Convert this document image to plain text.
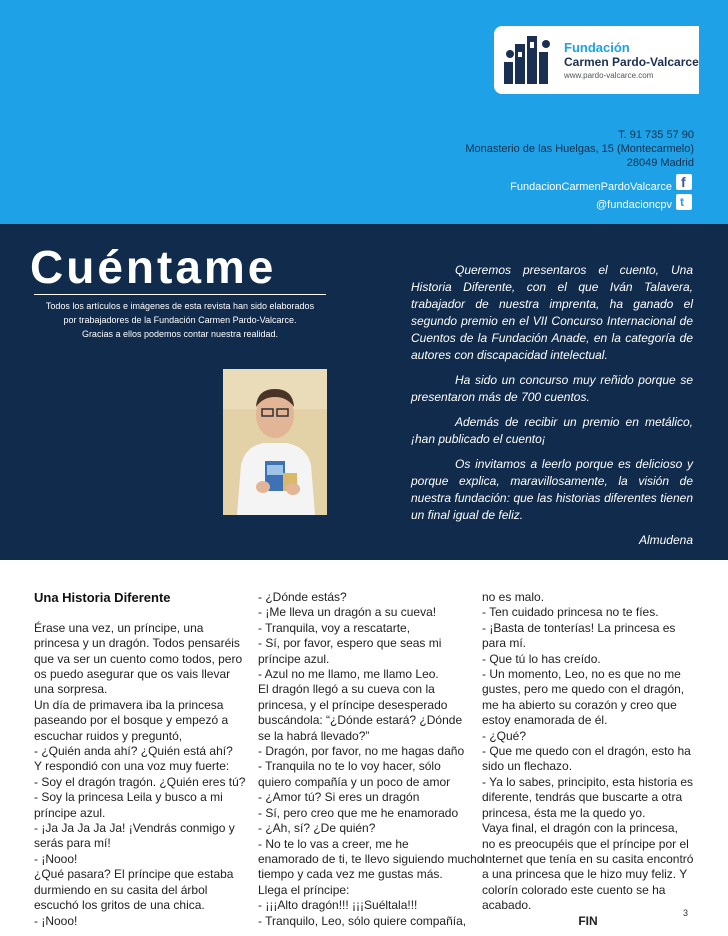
Fundación
Carmen Pardo-Valcarce
www.pardo-valcarce.com
T. 91 735 57 90
Monasterio de las Huelgas, 15 (Montecarmelo)
28049 Madrid
FundacionCarmenPardoValcarce
@fundacioncpv
f
t
Cuéntame
Todos los artículos e imágenes de esta revista han sido elaborados
por trabajadores de la Fundación Carmen Pardo-Valcarce.
Gracias a ellos podemos contar nuestra realidad.

Queremos presentaros el cuento, Una Historia Diferente, con el que Iván Talavera, trabajador de nuestra imprenta, ha ganado el segundo premio en el VII Concurso Internacional de Cuentos de la Fundación Anade, en la categoría de autores con discapacidad intelectual.

Ha sido un concurso muy reñido porque se presentaron más de 700 cuentos.

Además de recibir un premio en metálico, ¡han publicado el cuento¡

Os invitamos a leerlo porque es delicioso y porque explica, maravillosamente, la visión de nuestra fundación: que las historias diferentes tienen un final igual de feliz.

Almudena

Una Historia Diferente
Érase una vez, un príncipe, una
princesa y un dragón. Todos pensaréis
que va ser un cuento como todos, pero
os puedo asegurar que os vais llevar
una sorpresa.
Un día de primavera iba la princesa
paseando por el bosque y empezó a
escuchar ruidos y preguntó,
- ¿Quién anda ahí? ¿Quién está ahí?
Y respondió con una voz muy fuerte:
- Soy el dragón tragón. ¿Quién eres tú?
- Soy la princesa Leila y busco a mi
príncipe azul.
- ¡Ja Ja Ja Ja Ja! ¡Vendrás conmigo y
serás para mí!
- ¡Nooo!
¿Qué pasara? El príncipe que estaba
durmiendo en su casita del árbol
escuchó los gritos de una chica.
- ¡Nooo!
- ¿Dónde estás?
- ¡Me lleva un dragón a su cueva!
- Tranquila, voy a rescatarte,
- Sí, por favor, espero que seas mi
príncipe azul.
- Azul no me llamo, me llamo Leo.
El dragón llegó a su cueva con la
princesa, y el príncipe desesperado
buscándola: “¿Dónde estará? ¿Dónde
se la habrá llevado?”
- Dragón, por favor, no me hagas daño
- Tranquila no te lo voy hacer, sólo
quiero compañía y un poco de amor
- ¿Amor tú? Si eres un dragón
- Sí, pero creo que me he enamorado
- ¿Ah, sí? ¿De quién?
- No te lo vas a creer, me he
enamorado de ti, te llevo siguiendo mucho
tiempo y cada vez me gustas más.
Llega el príncipe:
- ¡¡¡Alto dragón!!! ¡¡¡Suéltala!!!
- Tranquilo, Leo, sólo quiere compañía,
no es malo.
- Ten cuidado princesa no te fíes.
- ¡Basta de tonterías! La princesa es
para mí.
- Que tú lo has creído.
- Un momento, Leo, no es que no me
gustes, pero me quedo con el dragón,
me ha abierto su corazón y creo que
estoy enamorada de él.
- ¿Qué?
- Que me quedo con el dragón, esto ha
sido un flechazo.
- Ya lo sabes, principito, esta historia es
diferente, tendrás que buscarte a otra
princesa, ésta me la quedo yo.
Vaya final, el dragón con la princesa,
no es preocupéis que el príncipe por el
Internet que tenía en su casita encontró
a una princesa que le hizo muy feliz. Y
colorín colorado este cuento se ha
acabado.
FIN
3
